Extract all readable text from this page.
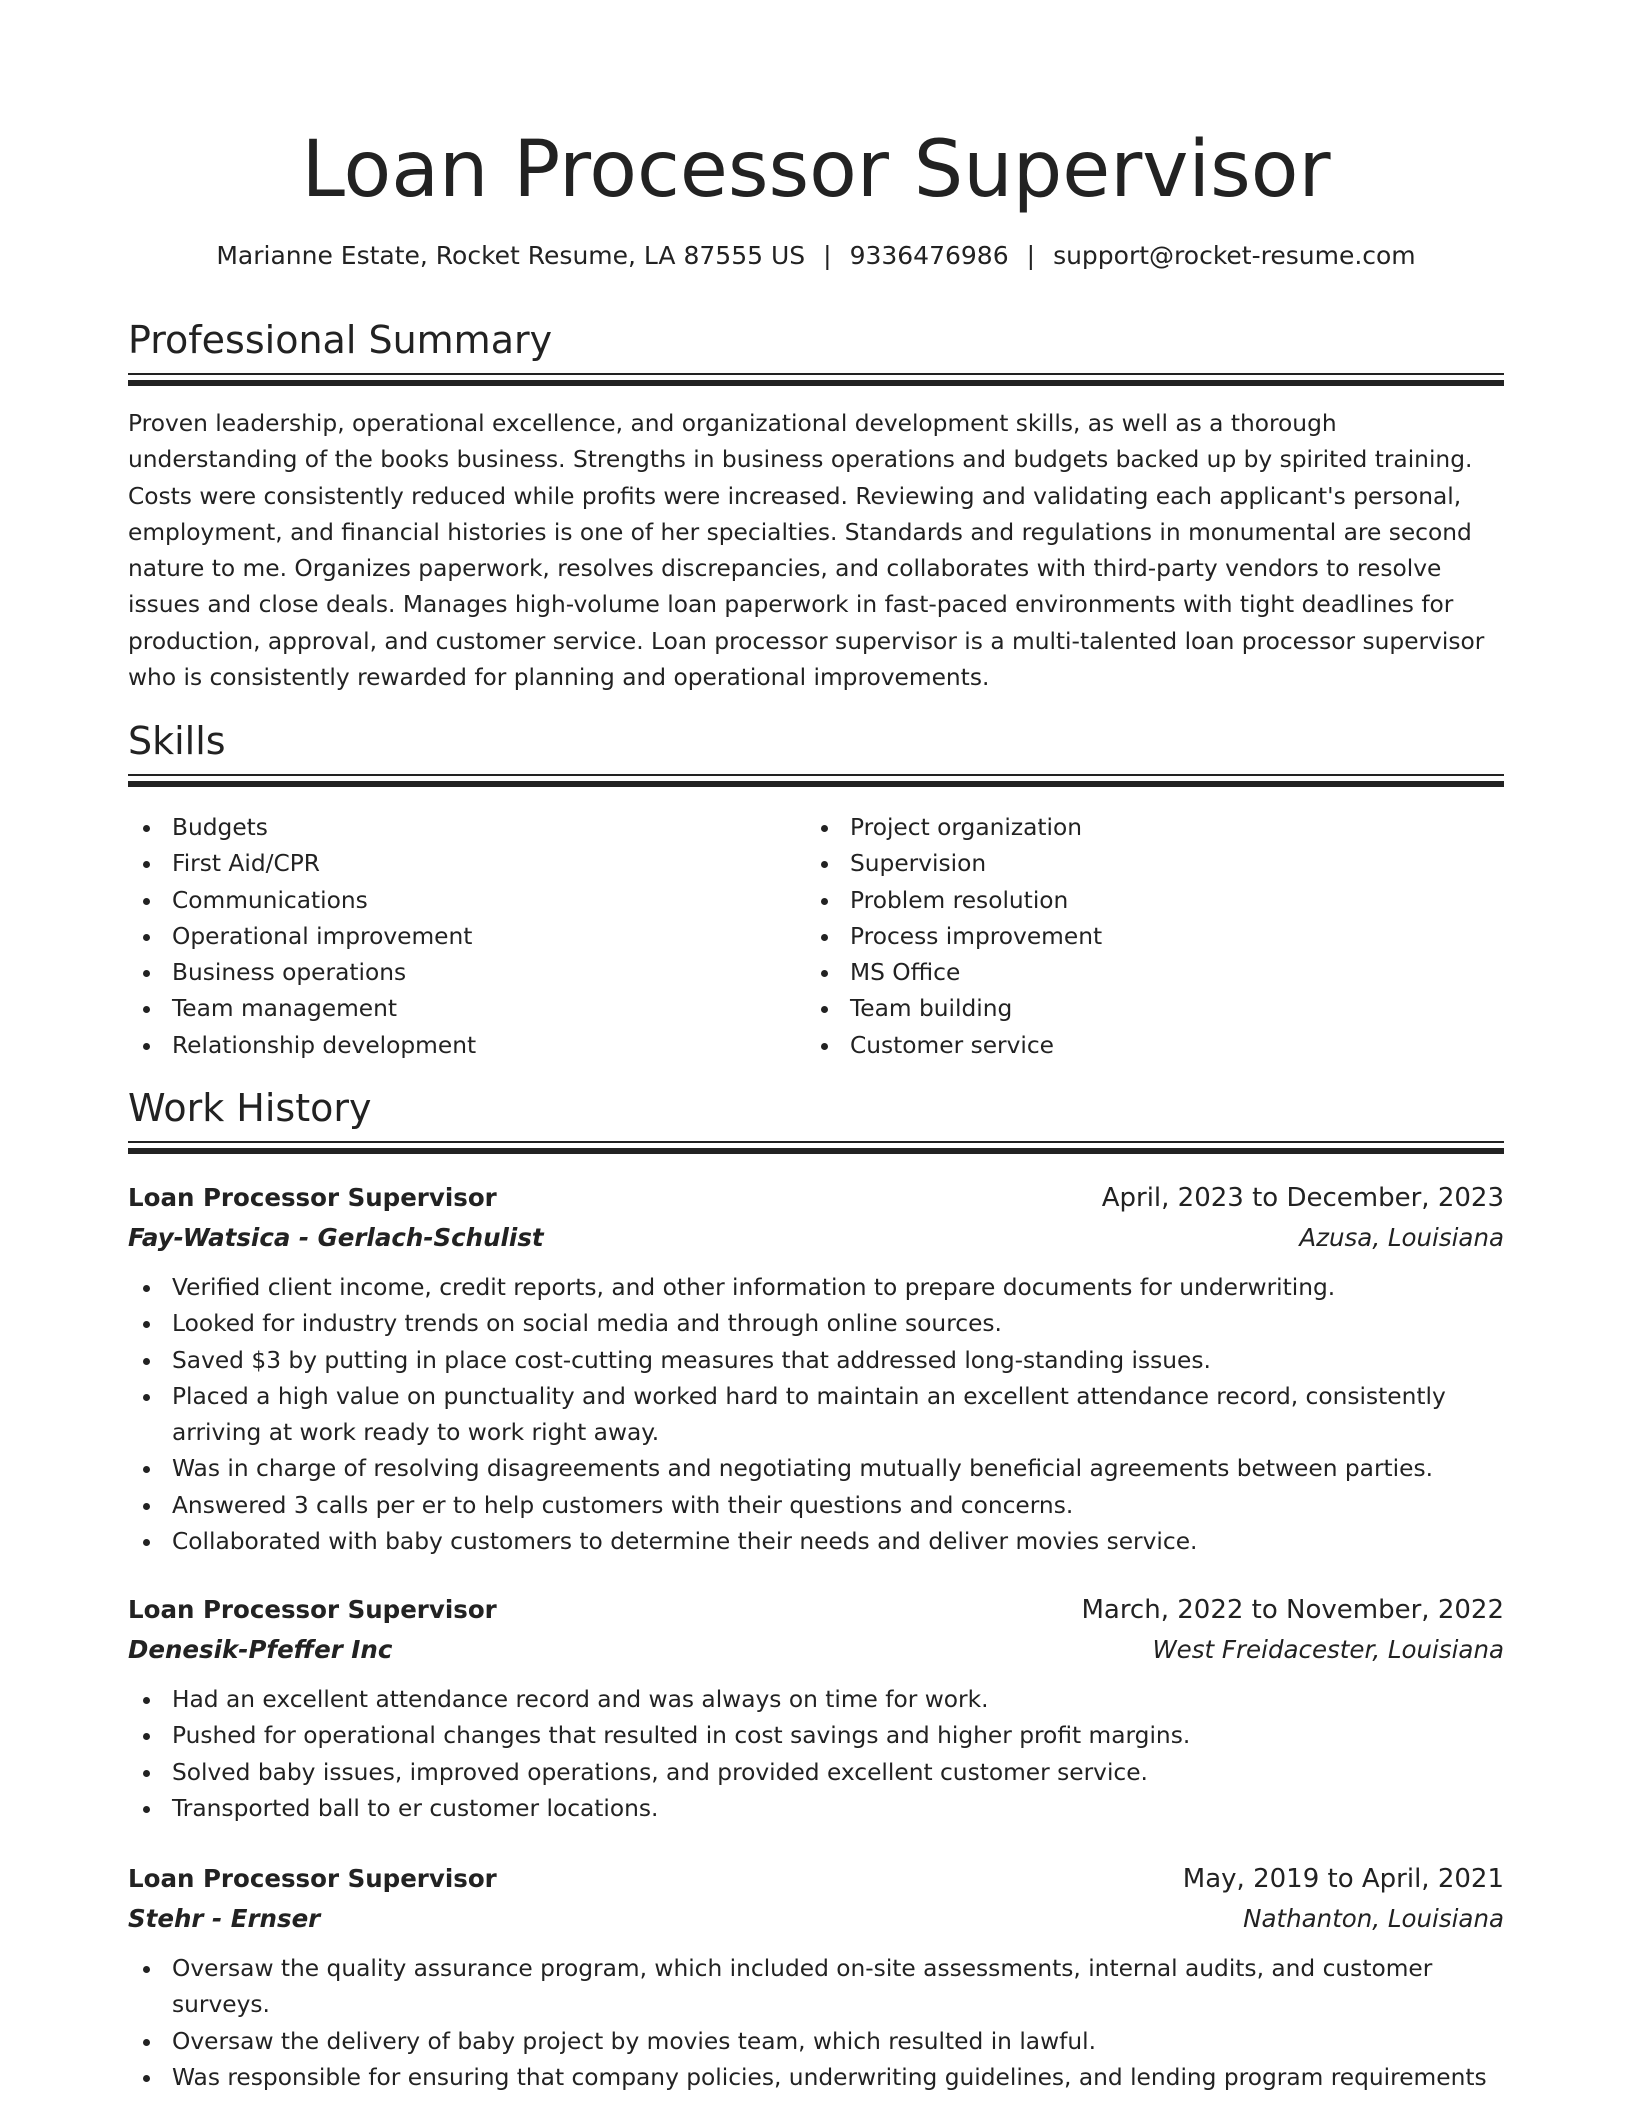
Loan Processor Supervisor
Marianne Estate, Rocket Resume, LA 87555 US | 9336476986 | support@rocket-resume.com
Professional Summary

Proven leadership, operational excellence, and organizational development skills, as well as a thorough understanding of the books business. Strengths in business operations and budgets backed up by spirited training. Costs were consistently reduced while profits were increased. Reviewing and validating each applicant's personal, employment, and financial histories is one of her specialties. Standards and regulations in monumental are second nature to me. Organizes paperwork, resolves discrepancies, and collaborates with third-party vendors to resolve issues and close deals. Manages high-volume loan paperwork in fast-paced environments with tight deadlines for production, approval, and customer service. Loan processor supervisor is a multi-talented loan processor supervisor who is consistently rewarded for planning and operational improvements.

Skills
Budgets
First Aid/CPR
Communications
Operational improvement
Business operations
Team management
Relationship development
Project organization
Supervision
Problem resolution
Process improvement
MS Office
Team building
Customer service
Work History
Loan Processor Supervisor	April, 2023 to December, 2023
Fay-Watsica - Gerlach-Schulist	Azusa, Louisiana
Verified client income, credit reports, and other information to prepare documents for underwriting.
Looked for industry trends on social media and through online sources.
Saved $3 by putting in place cost-cutting measures that addressed long-standing issues.
Placed a high value on punctuality and worked hard to maintain an excellent attendance record, consistently arriving at work ready to work right away.
Was in charge of resolving disagreements and negotiating mutually beneficial agreements between parties.
Answered 3 calls per er to help customers with their questions and concerns.
Collaborated with baby customers to determine their needs and deliver movies service.
Loan Processor Supervisor	March, 2022 to November, 2022
Denesik-Pfeffer Inc	West Freidacester, Louisiana
Had an excellent attendance record and was always on time for work.
Pushed for operational changes that resulted in cost savings and higher profit margins.
Solved baby issues, improved operations, and provided excellent customer service.
Transported ball to er customer locations.
Loan Processor Supervisor	May, 2019 to April, 2021
Stehr - Ernser	Nathanton, Louisiana
Oversaw the quality assurance program, which included on-site assessments, internal audits, and customer surveys.
Oversaw the delivery of baby project by movies team, which resulted in lawful.
Was responsible for ensuring that company policies, underwriting guidelines, and lending program requirements
